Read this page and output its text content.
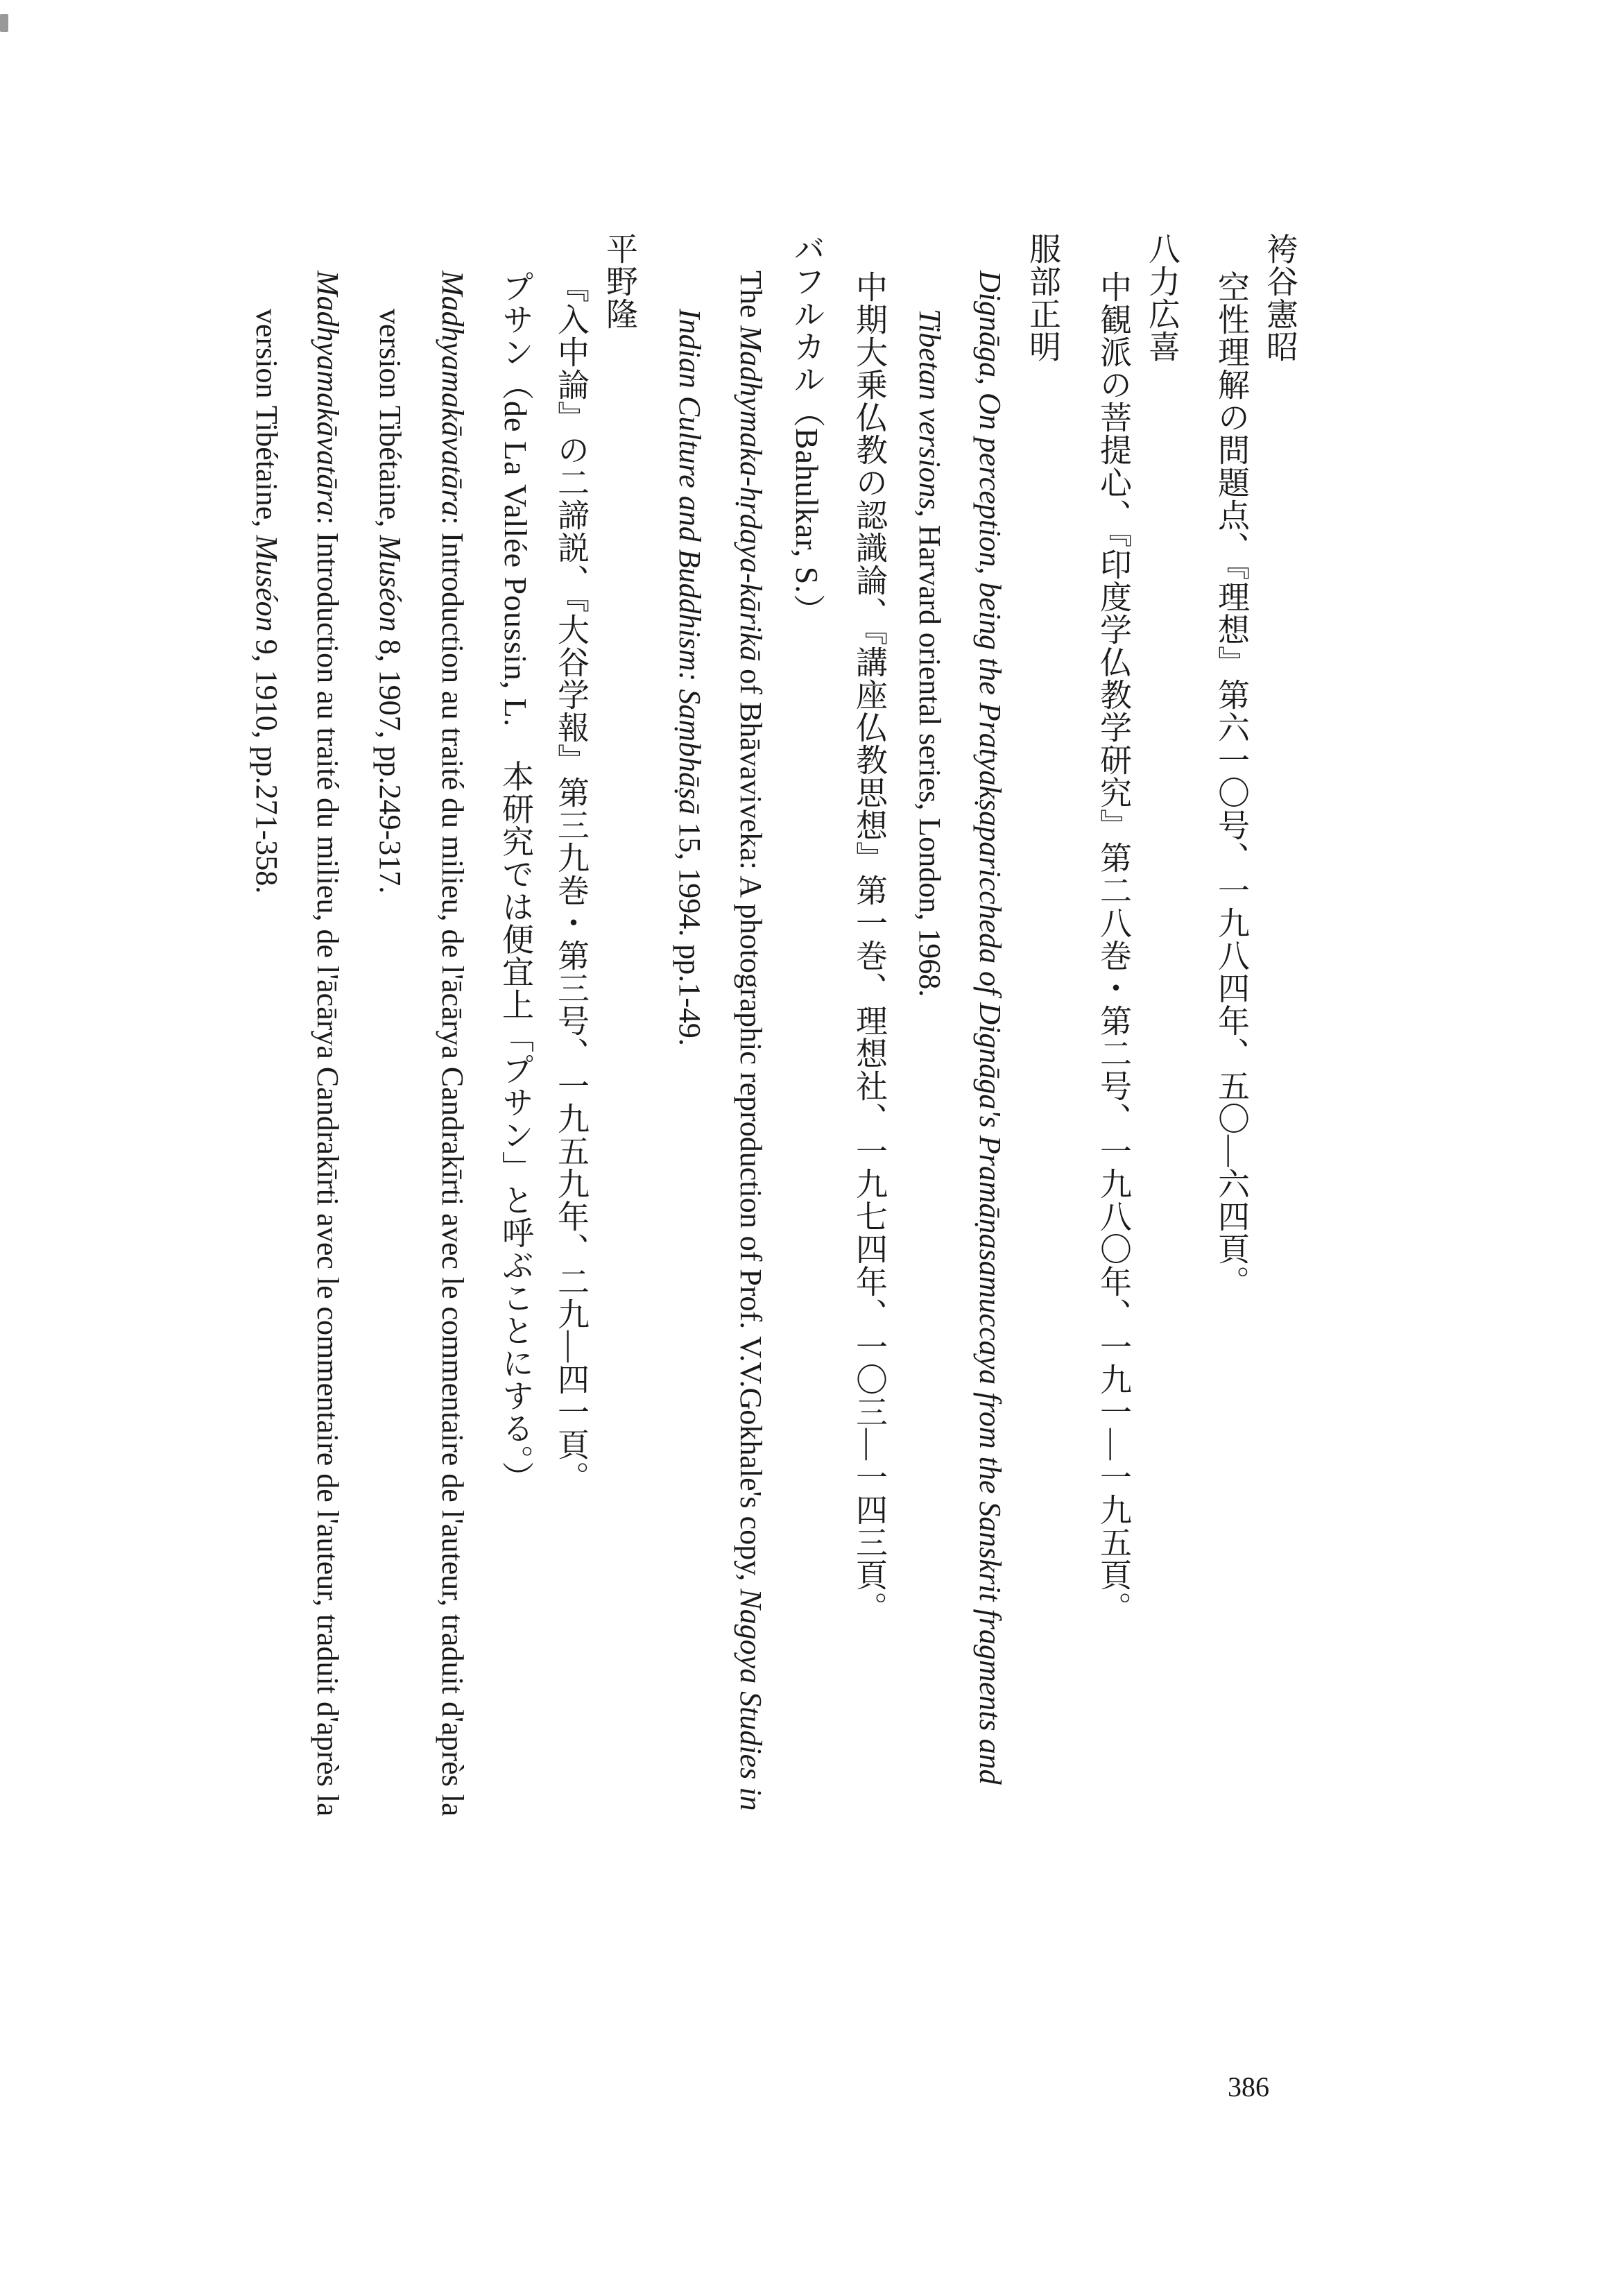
袴谷憲昭
空性理解の問題点、『理想』第六一〇号、一九八四年、五〇―六四頁。
八力広喜
中観派の菩提心、『印度学仏教学研究』第二八巻・第二号、一九八〇年、一九一―一九五頁。
服部正明
Dignāga, On perception, being the Pratyakṣapariccheda of Dignāga's Pramāṇasamuccaya from the Sanskrit fragments and
Tibetan versions, Harvard oriental series, London, 1968.
中期大乗仏教の認識論、『講座仏教思想』第一巻、理想社、一九七四年、一〇三―一四三頁。
バフルカル（Bahulkar, S.）
The Madhymaka-hṛdaya-kārikā of Bhāvaviveka: A photographic reproduction of Prof. V.V.Gokhale's copy, Nagoya Studies in
Indian Culture and Buddhism: Saṃbhāṣā 15, 1994. pp.1-49.
平野隆
『入中論』の二諦説、『大谷学報』第三九巻・第三号、一九五九年、二九―四一頁。
プサン（de La Vallée Poussin, L.　本研究では便宜上「プサン」と呼ぶことにする。）
Madhyamakāvatāra: Introduction au traité du milieu, de l'ācārya Candrakīrti avec le commentaire de l'auteur, traduit d'après la
version Tibétaine, Muséon 8, 1907, pp.249-317.
Madhyamakāvatāra: Introduction au traité du milieu, de l'ācārya Candrakīrti avec le commentaire de l'auteur, traduit d'après la
version Tibétaine, Muséon 9, 1910, pp.271-358.
386
